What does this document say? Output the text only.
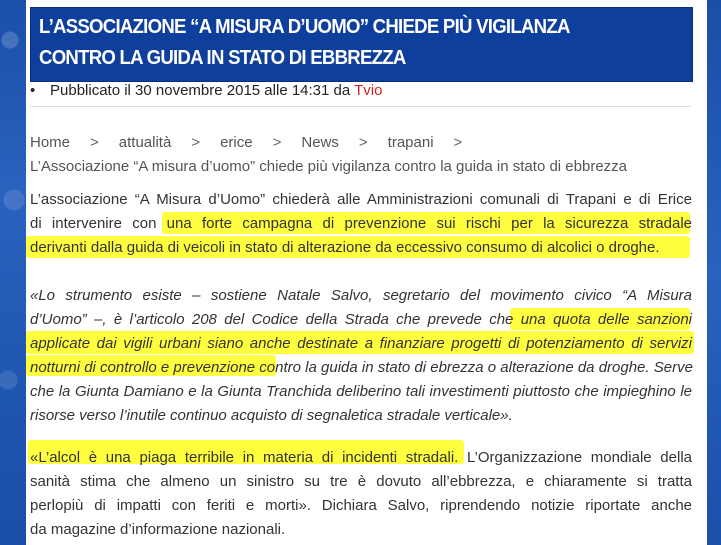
L’ASSOCIAZIONE “A MISURA D’UOMO” CHIEDE PIÙ VIGILANZA CONTRO LA GUIDA IN STATO DI EBBREZZA
• Pubblicato il 30 novembre 2015 alle 14:31 da Tvio
Home > attualità > erice > News > trapani >
L’Associazione “A misura d’uomo” chiede più vigilanza contro la guida in stato di ebbrezza
L’associazione “A Misura d’Uomo” chiederà alle Amministrazioni comunali di Trapani e di Erice
di intervenire con una forte campagna di prevenzione sui rischi per la sicurezza stradale
derivanti dalla guida di veicoli in stato di alterazione da eccessivo consumo di alcolici o droghe.
«Lo strumento esiste – sostiene Natale Salvo, segretario del movimento civico “A Misura
d’Uomo” –, è l’articolo 208 del Codice della Strada che prevede che una quota delle sanzioni
applicate dai vigili urbani siano anche destinate a finanziare progetti di potenziamento di servizi
notturni di controllo e prevenzione contro la guida in stato di ebrezza o alterazione da droghe. Serve
che la Giunta Damiano e la Giunta Tranchida deliberino tali investimenti piuttosto che impieghino le
risorse verso l’inutile continuo acquisto di segnaletica stradale verticale».
«L’alcol è una piaga terribile in materia di incidenti stradali. L’Organizzazione mondiale della
sanità stima che almeno un sinistro su tre è dovuto all’ebbrezza, e chiaramente si tratta
perlopiù di impatti con feriti e morti». Dichiara Salvo, riprendendo notizie riportate anche
da magazine d’informazione nazionali.
